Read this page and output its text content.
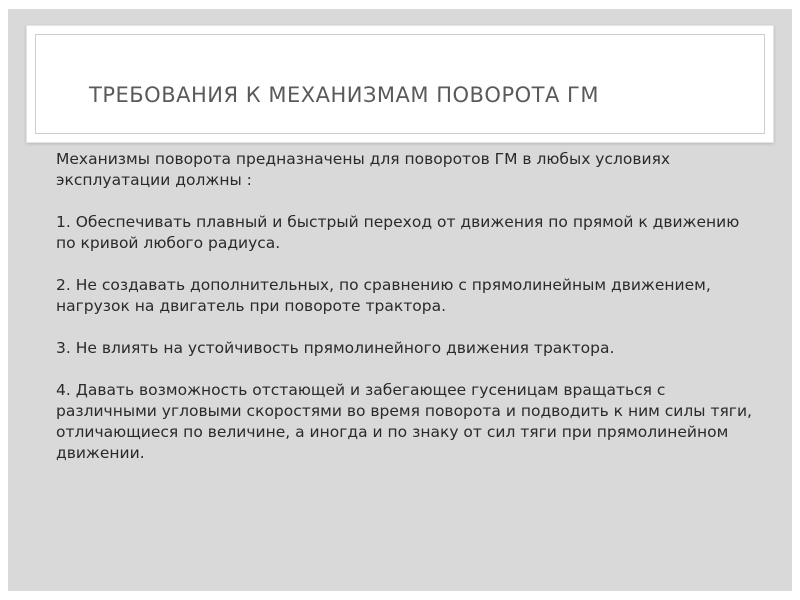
ТРЕБОВАНИЯ К МЕХАНИЗМАМ ПОВОРОТА ГМ

Механизмы поворота предназначены для поворотов ГМ в любых условиях эксплуатации должны :

1. Обеспечивать плавный и быстрый переход от движения по прямой к движению по кривой любого радиуса.

2. Не создавать дополнительных, по сравнению с прямолинейным движением, нагрузок на двигатель при повороте трактора.

3. Не влиять на устойчивость прямолинейного движения трактора.

4. Давать возможность отстающей и забегающее гусеницам вращаться с различными угловыми скоростями во время поворота и подводить к ним силы тяги, отличающиеся по величине, а иногда и по знаку от сил тяги при прямолинейном движении.
